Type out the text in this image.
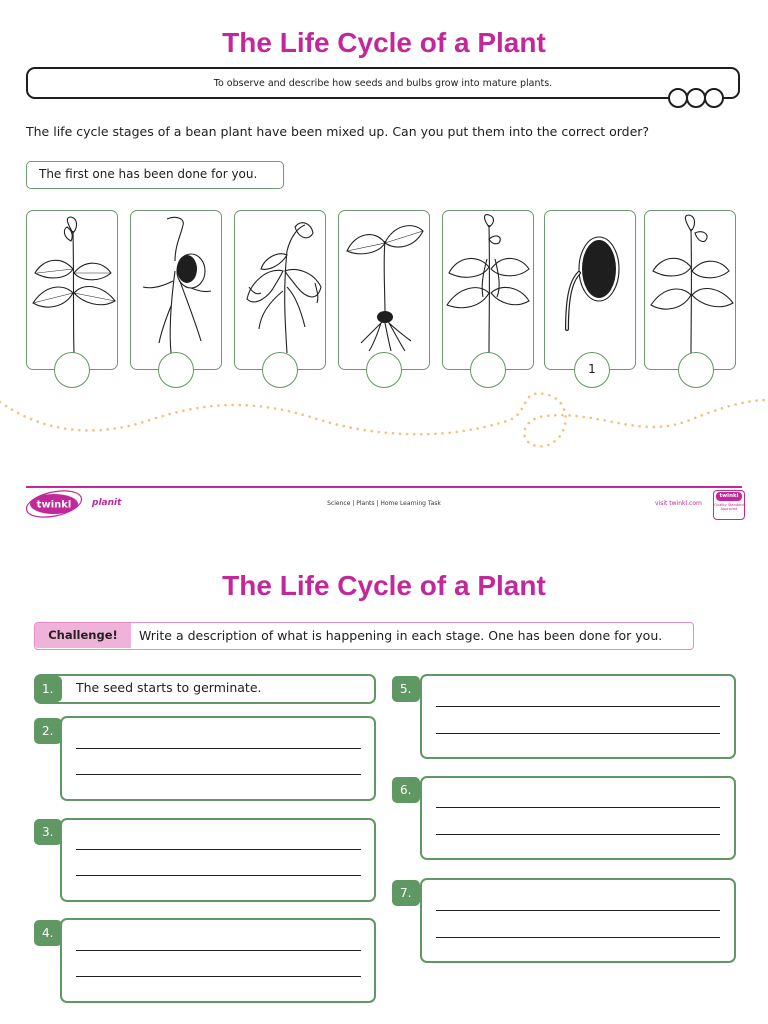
The Life Cycle of a Plant
To observe and describe how seeds and bulbs grow into mature plants.
The life cycle stages of a bean plant have been mixed up. Can you put them into the correct order?
The first one has been done for you.
1
twinkl planit	Science | Plants | Home Learning Task	visit twinkl.com
twinkl
Quality Standard Approved
The Life Cycle of a Plant
Challenge!	Write a description of what is happening in each stage. One has been done for you.
1.	The seed starts to germinate.
2.
3.
4.
5.
6.
7.
